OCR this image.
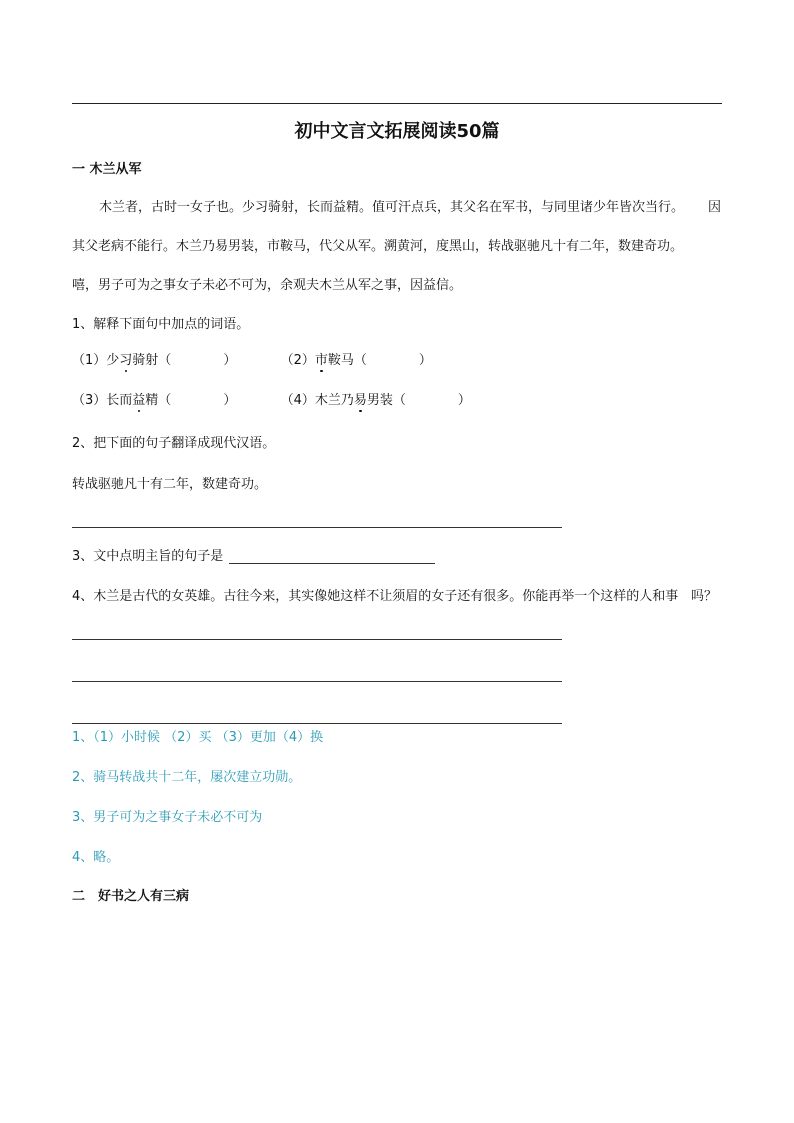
初中文言文拓展阅读50篇
一 木兰从军
木兰者，古时一女子也。少习骑射，长而益精。值可汗点兵，其父名在军书，与同里诸少年皆次当行。 因
其父老病不能行。木兰乃易男装，市鞍马，代父从军。溯黄河，度黑山，转战驱驰凡十有二年，数建奇功。
嘻，男子可为之事女子未必不可为，余观夫木兰从军之事，因益信。
1、解释下面句中加点的词语。
（1）少习骑射（	）	（2）市鞍马（	）
（3）长而益精（	）	（4）木兰乃易男装（	）
2、把下面的句子翻译成现代汉语。
转战驱驰凡十有二年，数建奇功。
3、文中点明主旨的句子是
4、木兰是古代的女英雄。古往今来，其实像她这样不让须眉的女子还有很多。你能再举一个这样的人和事 吗？
1、（1）小时候 （2）买 （3）更加（4）换
2、骑马转战共十二年，屡次建立功勋。
3、男子可为之事女子未必不可为
4、略。
二　好书之人有三病
